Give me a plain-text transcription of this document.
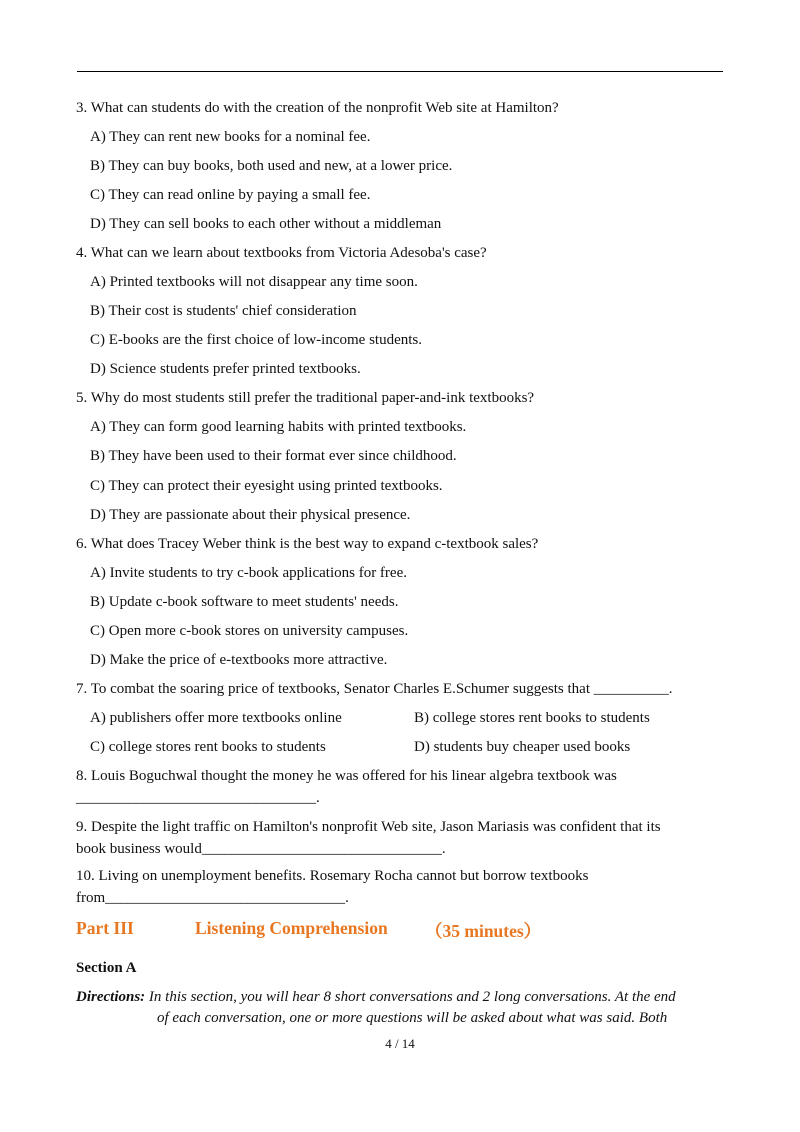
3. What can students do with the creation of the nonprofit Web site at Hamilton?
A) They can rent new books for a nominal fee.
B) They can buy books, both used and new, at a lower price.
C) They can read online by paying a small fee.
D) They can sell books to each other without a middleman
4. What can we learn about textbooks from Victoria Adesoba's case?
A) Printed textbooks will not disappear any time soon.
B) Their cost is students' chief consideration
C) E-books are the first choice of low-income students.
D) Science students prefer printed textbooks.
5. Why do most students still prefer the traditional paper-and-ink textbooks?
A) They can form good learning habits with printed textbooks.
B) They have been used to their format ever since childhood.
C) They can protect their eyesight using printed textbooks.
D) They are passionate about their physical presence.
6. What does Tracey Weber think is the best way to expand c-textbook sales?
A) Invite students to try c-book applications for free.
B) Update c-book software to meet students' needs.
C) Open more c-book stores on university campuses.
D) Make the price of e-textbooks more attractive.
7. To combat the soaring price of textbooks, Senator Charles E.Schumer suggests that __________.
A) publishers offer more textbooks online	B) college stores rent books to students
C) college stores rent books to students	D) students buy cheaper used books
8. Louis Boguchwal thought the money he was offered for his linear algebra textbook was
________________________________.
9. Despite the light traffic on Hamilton's nonprofit Web site, Jason Mariasis was confident that its
book business would________________________________.
10. Living on unemployment benefits. Rosemary Rocha cannot but borrow textbooks
from________________________________.
Part III	Listening Comprehension （35 minutes）
Section A
Directions: In this section, you will hear 8 short conversations and 2 long conversations. At the end
of each conversation, one or more questions will be asked about what was said. Both
4 / 14
